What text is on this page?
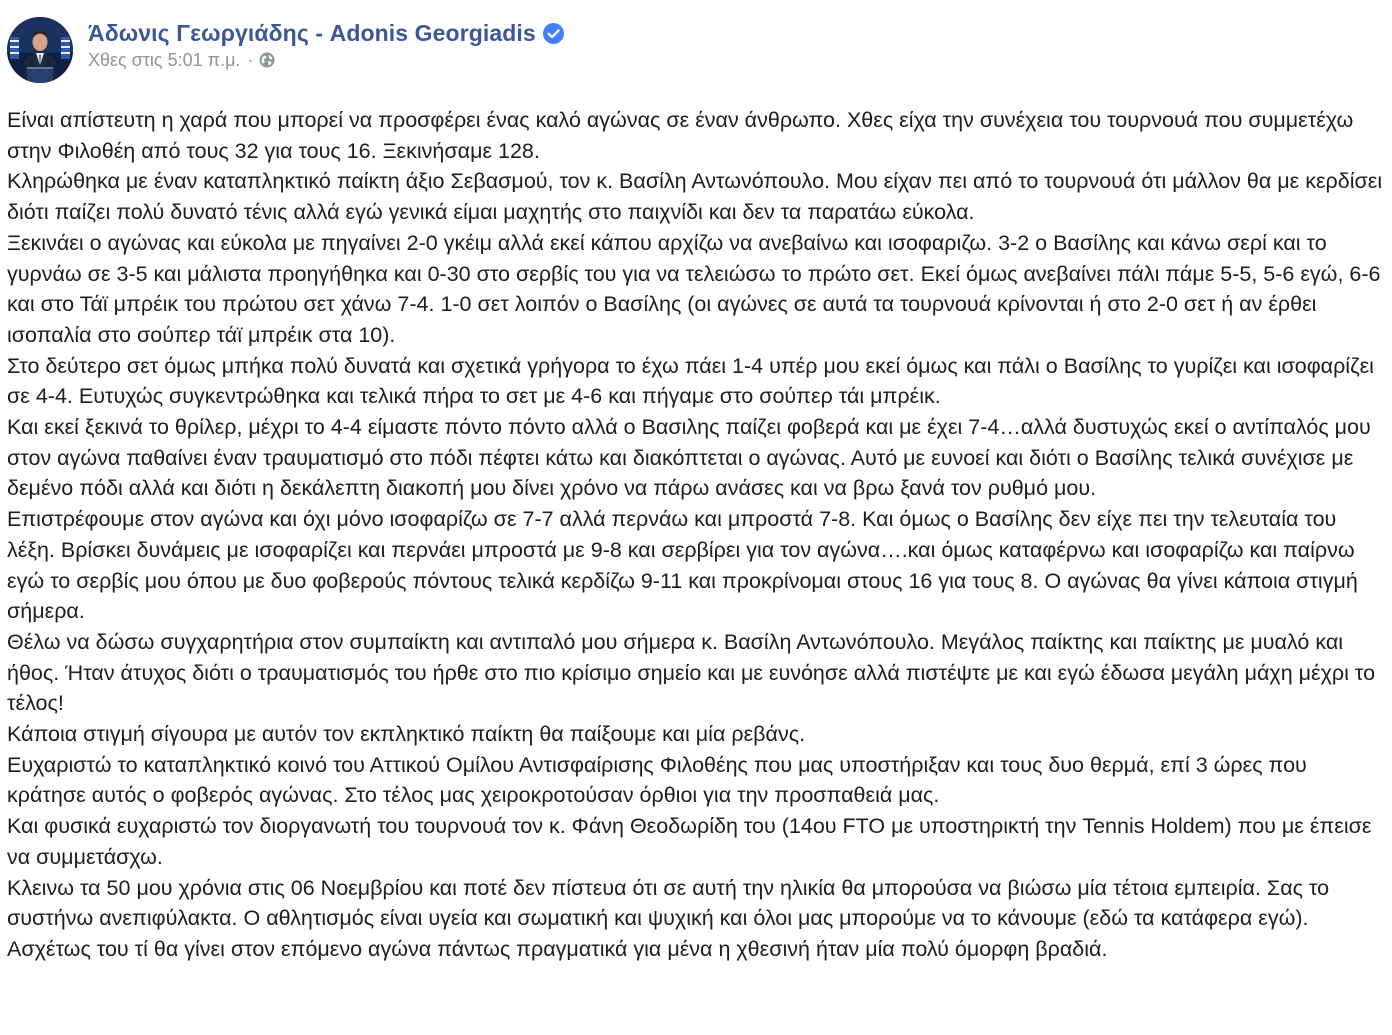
Άδωνις Γεωργιάδης - Adonis Georgiadis
Χθες στις 5:01 π.μ. ·

Είναι απίστευτη η χαρά που μπορεί να προσφέρει ένας καλό αγώνας σε έναν άνθρωπο. Χθες είχα την συνέχεια του τουρνουά που συμμετέχω στην Φιλοθέη από τους 32 για τους 16. Ξεκινήσαμε 128.

Κληρώθηκα με έναν καταπληκτικό παίκτη άξιο Σεβασμού, τον κ. Βασίλη Αντωνόπουλο. Μου είχαν πει από το τουρνουά ότι μάλλον θα με κερδίσει διότι παίζει πολύ δυνατό τένις αλλά εγώ γενικά είμαι μαχητής στο παιχνίδι και δεν τα παρατάω εύκολα.

Ξεκινάει ο αγώνας και εύκολα με πηγαίνει 2-0 γκέιμ αλλά εκεί κάπου αρχίζω να ανεβαίνω και ισοφαριζω. 3-2 ο Βασίλης και κάνω σερί και το γυρνάω σε 3-5 και μάλιστα προηγήθηκα και 0-30 στο σερβίς του για να τελειώσω το πρώτο σετ. Εκεί όμως ανεβαίνει πάλι πάμε 5-5, 5-6 εγώ, 6-6 και στο Τάϊ μπρέικ του πρώτου σετ χάνω 7-4. 1-0 σετ λοιπόν ο Βασίλης (οι αγώνες σε αυτά τα τουρνουά κρίνονται ή στο 2-0 σετ ή αν έρθει ισοπαλία στο σούπερ τάϊ μπρέικ στα 10).

Στο δεύτερο σετ όμως μπήκα πολύ δυνατά και σχετικά γρήγορα το έχω πάει 1-4 υπέρ μου εκεί όμως και πάλι ο Βασίλης το γυρίζει και ισοφαρίζει σε 4-4. Ευτυχώς συγκεντρώθηκα και τελικά πήρα το σετ με 4-6 και πήγαμε στο σούπερ τάι μπρέικ.

Και εκεί ξεκινά το θρίλερ, μέχρι το 4-4 είμαστε πόντο πόντο αλλά ο Βασιλης παίζει φοβερά και με έχει 7-4…αλλά δυστυχώς εκεί ο αντίπαλός μου στον αγώνα παθαίνει έναν τραυματισμό στο πόδι πέφτει κάτω και διακόπτεται ο αγώνας. Αυτό με ευνοεί και διότι ο Βασίλης τελικά συνέχισε με δεμένο πόδι αλλά και διότι η δεκάλεπτη διακοπή μου δίνει χρόνο να πάρω ανάσες και να βρω ξανά τον ρυθμό μου.

Επιστρέφουμε στον αγώνα και όχι μόνο ισοφαρίζω σε 7-7 αλλά περνάω και μπροστά 7-8. Και όμως ο Βασίλης δεν είχε πει την τελευταία του λέξη. Βρίσκει δυνάμεις με ισοφαρίζει και περνάει μπροστά με 9-8 και σερβίρει για τον αγώνα….και όμως καταφέρνω και ισοφαρίζω και παίρνω εγώ το σερβίς μου όπου με δυο φοβερούς πόντους τελικά κερδίζω 9-11 και προκρίνομαι στους 16 για τους 8. Ο αγώνας θα γίνει κάποια στιγμή σήμερα.

Θέλω να δώσω συγχαρητήρια στον συμπαίκτη και αντιπαλό μου σήμερα κ. Βασίλη Αντωνόπουλο. Μεγάλος παίκτης και παίκτης με μυαλό και ήθος. Ήταν άτυχος διότι ο τραυματισμός του ήρθε στο πιο κρίσιμο σημείο και με ευνόησε αλλά πιστέψτε με και εγώ έδωσα μεγάλη μάχη μέχρι το τέλος!

Κάποια στιγμή σίγουρα με αυτόν τον εκπληκτικό παίκτη θα παίξουμε και μία ρεβάνς.

Ευχαριστώ το καταπληκτικό κοινό του Αττικού Ομίλου Αντισφαίρισης Φιλοθέης που μας υποστήριξαν και τους δυο θερμά, επί 3 ώρες που κράτησε αυτός ο φοβερός αγώνας. Στο τέλος μας χειροκροτούσαν όρθιοι για την προσπαθειά μας.

Και φυσικά ευχαριστώ τον διοργανωτή του τουρνουά τον κ. Φάνη Θεοδωρίδη του (14ου FTO με υποστηρικτή την Tennis Holdem) που με έπεισε να συμμετάσχω.

Κλεινω τα 50 μου χρόνια στις 06 Νοεμβρίου και ποτέ δεν πίστευα ότι σε αυτή την ηλικία θα μπορούσα να βιώσω μία τέτοια εμπειρία. Σας το συστήνω ανεπιφύλακτα. Ο αθλητισμός είναι υγεία και σωματική και ψυχική και όλοι μας μπορούμε να το κάνουμε (εδώ τα κατάφερα εγώ).

Ασχέτως του τί θα γίνει στον επόμενο αγώνα πάντως πραγματικά για μένα η χθεσινή ήταν μία πολύ όμορφη βραδιά.
